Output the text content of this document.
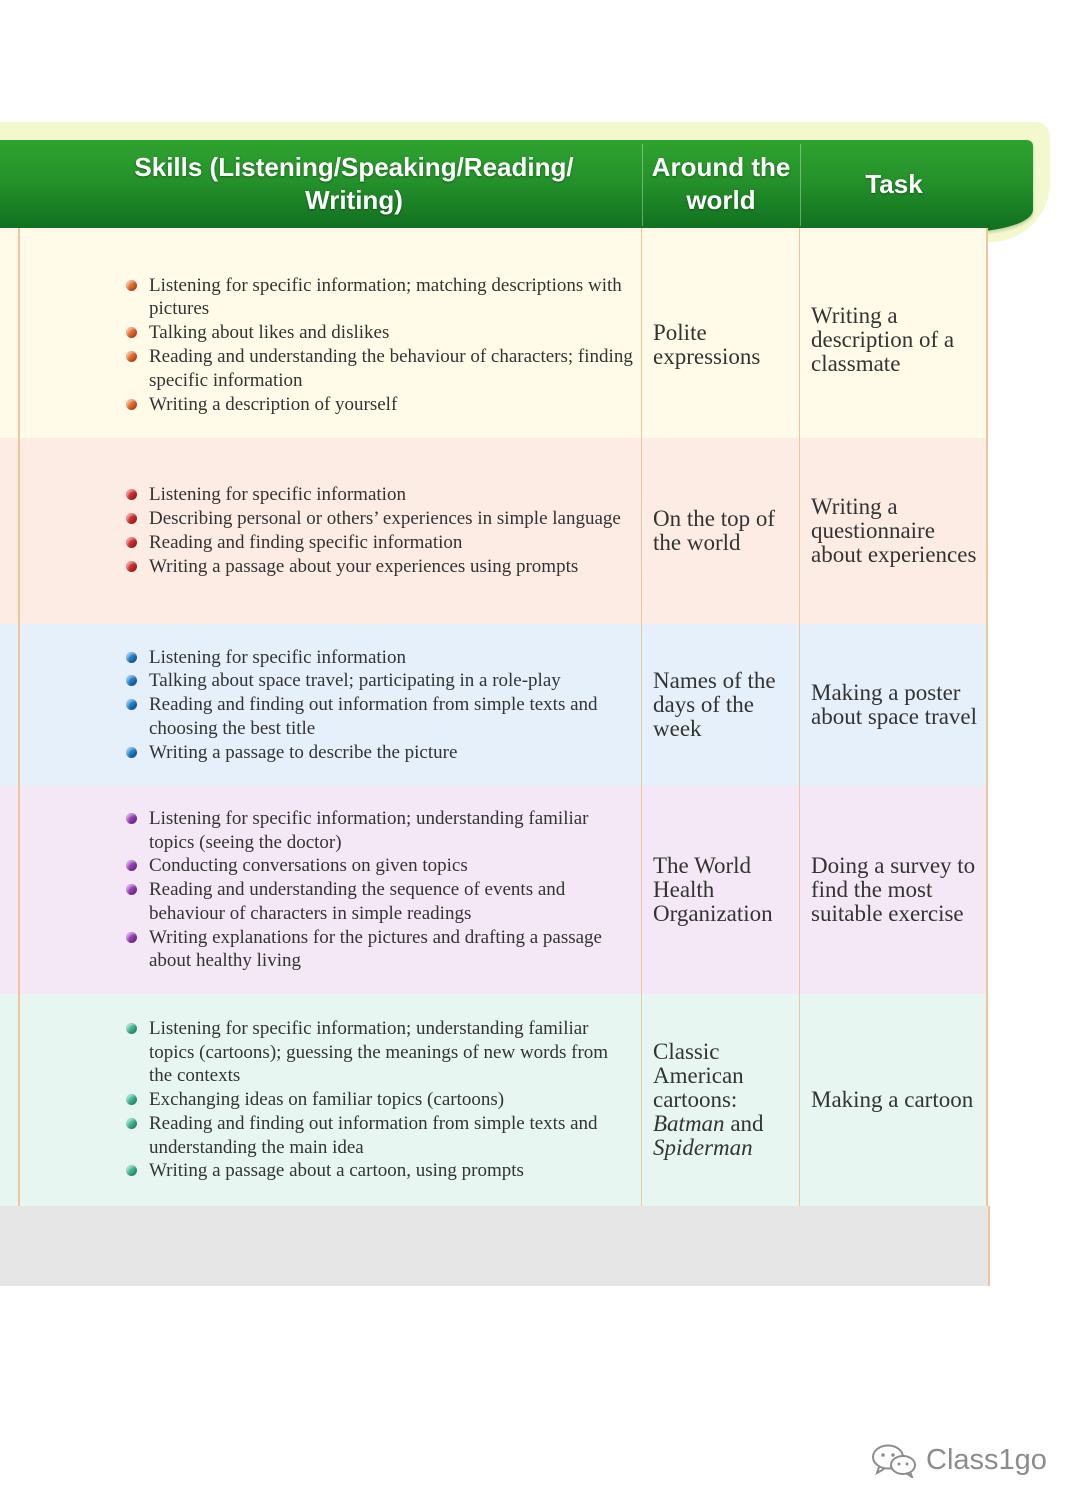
Skills (Listening/Speaking/Reading/ Writing)
Around the world
Task
Listening for specific information; matching descriptions with pictures
Talking about likes and dislikes
Reading and understanding the behaviour of characters; finding specific information
Writing a description of yourself
Polite expressions
Writing a description of a classmate
Listening for specific information
Describing personal or others’ experiences in simple language
Reading and finding specific information
Writing a passage about your experiences using prompts
On the top of the world
Writing a questionnaire about experiences
Listening for specific information
Talking about space travel; participating in a role-play
Reading and finding out information from simple texts and choosing the best title
Writing a passage to describe the picture
Names of the days of the week
Making a poster about space travel
Listening for specific information; understanding familiar topics (seeing the doctor)
Conducting conversations on given topics
Reading and understanding the sequence of events and behaviour of characters in simple readings
Writing explanations for the pictures and drafting a passage about healthy living
The World Health Organization
Doing a survey to find the most suitable exercise
Listening for specific information; understanding familiar topics (cartoons); guessing the meanings of new words from the contexts
Exchanging ideas on familiar topics (cartoons)
Reading and finding out information from simple texts and understanding the main idea
Writing a passage about a cartoon, using prompts
Classic
American
cartoons:
Batman and
Spiderman
Making a cartoon
Class1go
